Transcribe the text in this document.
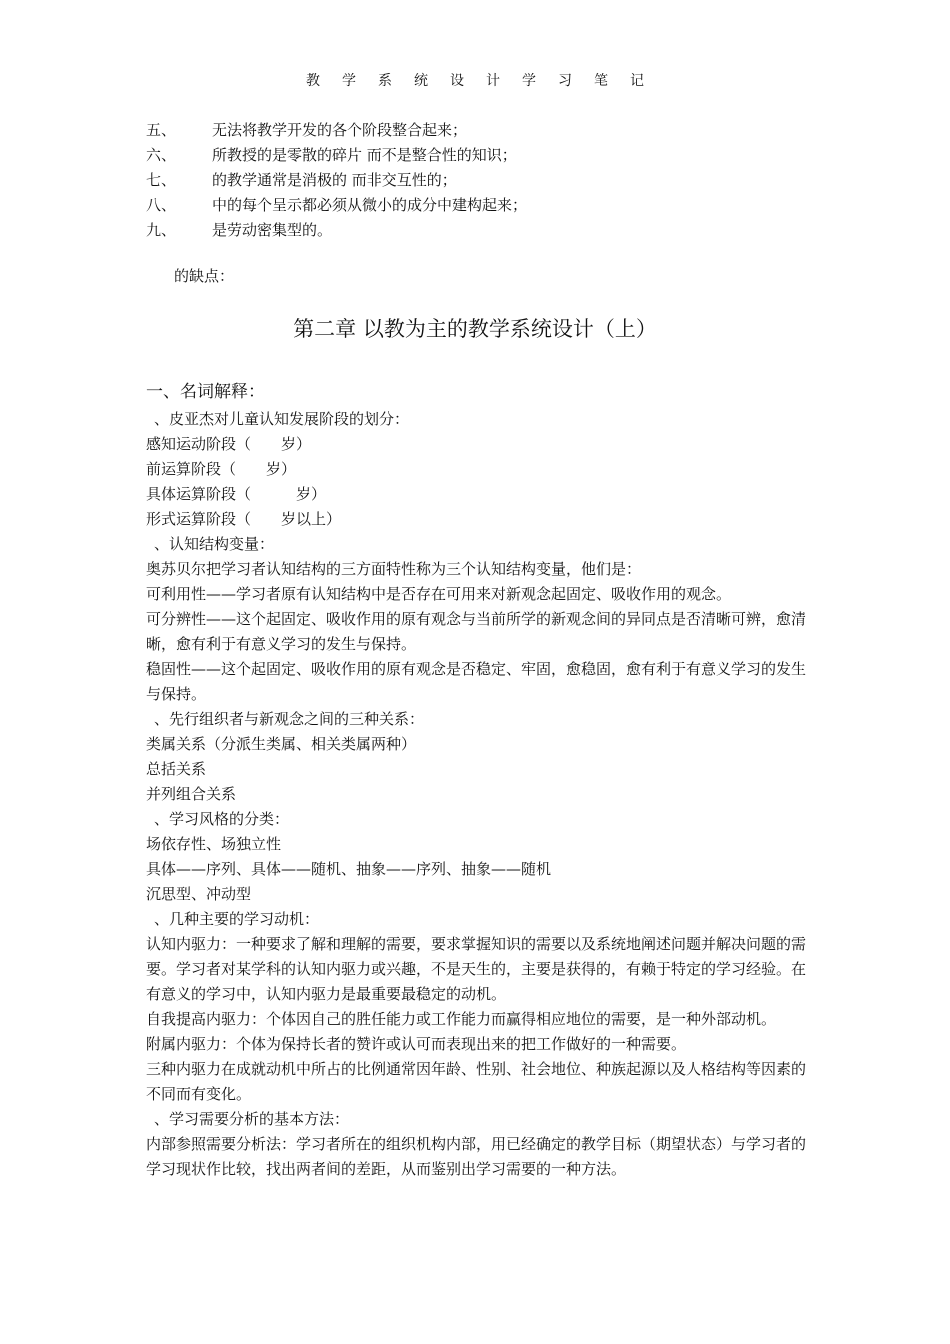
教学系统设计学习笔记
五、 无法将教学开发的各个阶段整合起来；
六、 所教授的是零散的碎片 而不是整合性的知识；
七、 的教学通常是消极的 而非交互性的；
八、 中的每个呈示都必须从微小的成分中建构起来；
九、 是劳动密集型的。
的缺点：
第二章 以教为主的教学系统设计（上）
一、名词解释：

、皮亚杰对儿童认知发展阶段的划分：

感知运动阶段（　　岁）

前运算阶段（　　岁）

具体运算阶段（　　　岁）

形式运算阶段（　　岁以上）

、认知结构变量：

奥苏贝尔把学习者认知结构的三方面特性称为三个认知结构变量，他们是：

可利用性——学习者原有认知结构中是否存在可用来对新观念起固定、吸收作用的观念。

可分辨性——这个起固定、吸收作用的原有观念与当前所学的新观念间的异同点是否清晰可辨，愈清晰，愈有利于有意义学习的发生与保持。

稳固性——这个起固定、吸收作用的原有观念是否稳定、牢固，愈稳固，愈有利于有意义学习的发生与保持。

、先行组织者与新观念之间的三种关系：

类属关系（分派生类属、相关类属两种）

总括关系

并列组合关系

、学习风格的分类：

场依存性、场独立性

具体——序列、具体——随机、抽象——序列、抽象——随机

沉思型、冲动型

、几种主要的学习动机：

认知内驱力：一种要求了解和理解的需要，要求掌握知识的需要以及系统地阐述问题并解决问题的需要。学习者对某学科的认知内驱力或兴趣，不是天生的，主要是获得的，有赖于特定的学习经验。在有意义的学习中，认知内驱力是最重要最稳定的动机。

自我提高内驱力：个体因自己的胜任能力或工作能力而赢得相应地位的需要，是一种外部动机。

附属内驱力：个体为保持长者的赞许或认可而表现出来的把工作做好的一种需要。

三种内驱力在成就动机中所占的比例通常因年龄、性别、社会地位、种族起源以及人格结构等因素的不同而有变化。

、学习需要分析的基本方法：

内部参照需要分析法：学习者所在的组织机构内部，用已经确定的教学目标（期望状态）与学习者的学习现状作比较，找出两者间的差距，从而鉴别出学习需要的一种方法。
